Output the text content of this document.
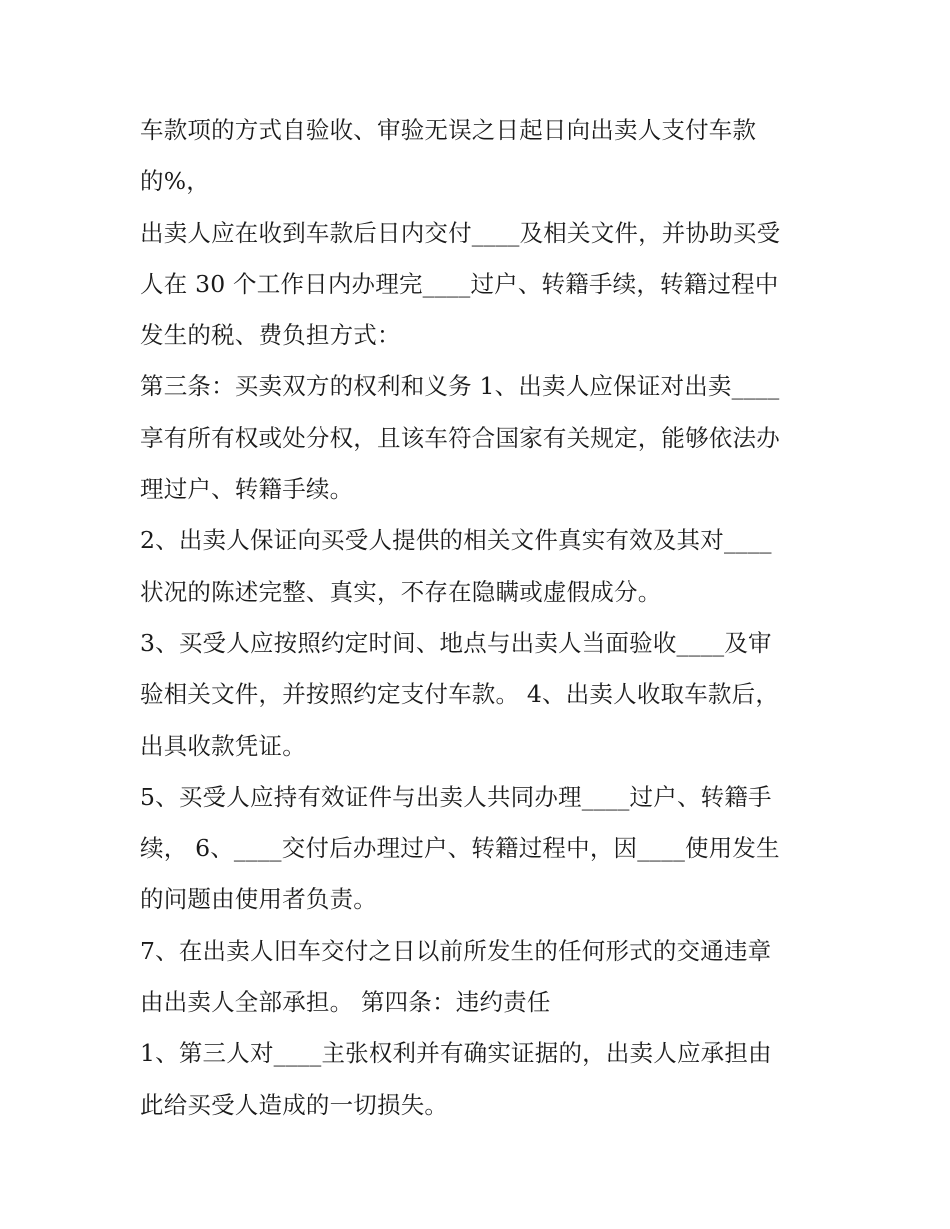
车款项的方式自验收、审验无误之日起日向出卖人支付车款
的%，
出卖人应在收到车款后日内交付____及相关文件，并协助买受
人在 30 个工作日内办理完____过户、转籍手续，转籍过程中
发生的税、费负担方式：
第三条：买卖双方的权利和义务 1、出卖人应保证对出卖____
享有所有权或处分权，且该车符合国家有关规定，能够依法办
理过户、转籍手续。
2、出卖人保证向买受人提供的相关文件真实有效及其对____
状况的陈述完整、真实，不存在隐瞒或虚假成分。
3、买受人应按照约定时间、地点与出卖人当面验收____及审
验相关文件，并按照约定支付车款。 4、出卖人收取车款后，
出具收款凭证。
5、买受人应持有效证件与出卖人共同办理____过户、转籍手
续， 6、____交付后办理过户、转籍过程中，因____使用发生
的问题由使用者负责。
7、在出卖人旧车交付之日以前所发生的任何形式的交通违章
由出卖人全部承担。 第四条：违约责任
1、第三人对____主张权利并有确实证据的，出卖人应承担由
此给买受人造成的一切损失。
